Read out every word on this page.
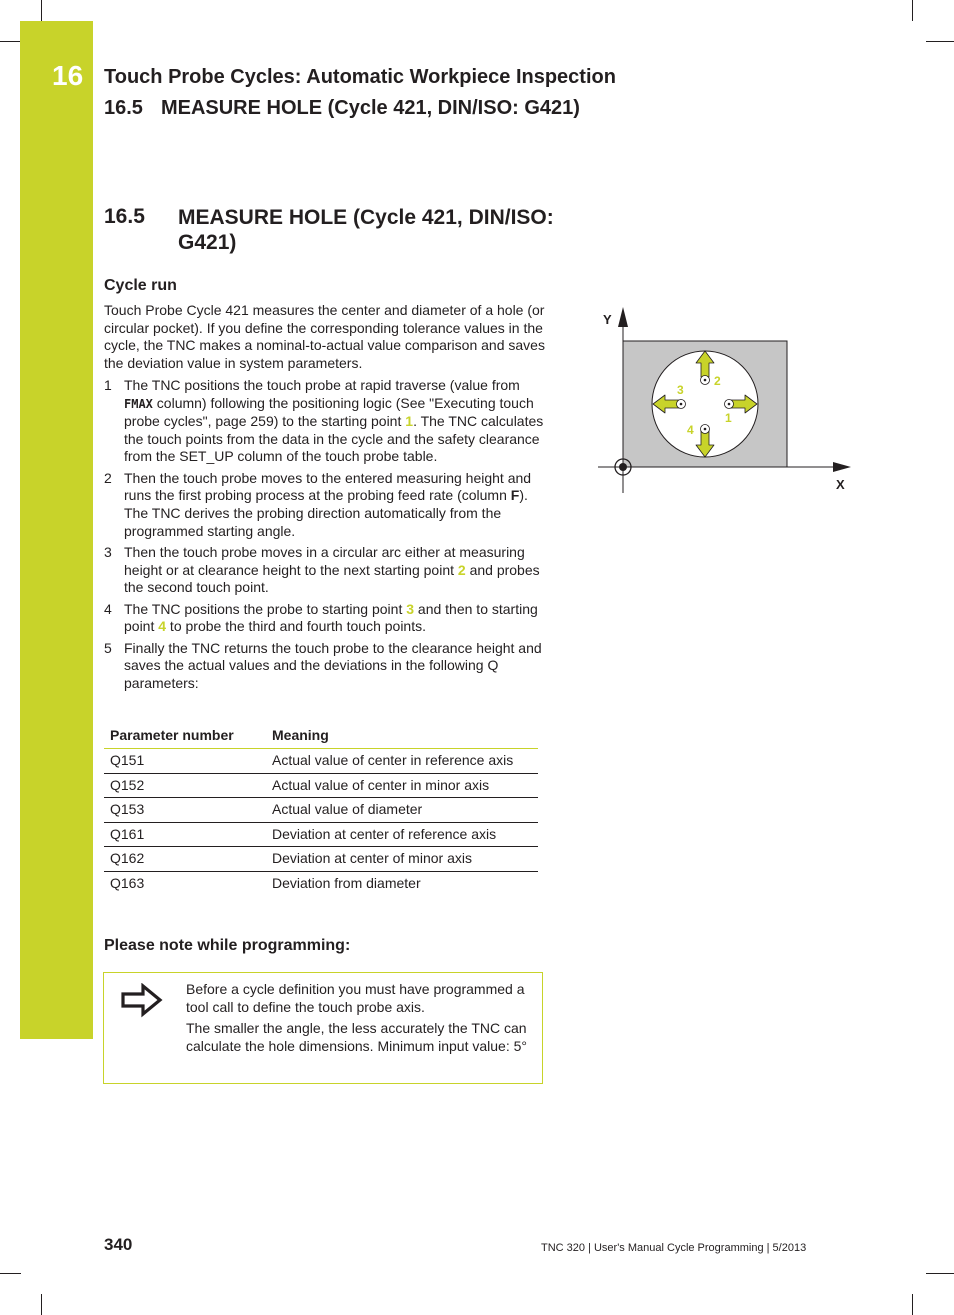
16 Touch Probe Cycles: Automatic Workpiece Inspection
16.5 MEASURE HOLE (Cycle 421, DIN/ISO: G421)
16.5 MEASURE HOLE (Cycle 421, DIN/ISO: G421)
Cycle run

Touch Probe Cycle 421 measures the center and diameter of a hole (or circular pocket). If you define the corresponding tolerance values in the cycle, the TNC makes a nominal-to-actual value comparison and saves the deviation value in system parameters.

1 The TNC positions the touch probe at rapid traverse (value from FMAX column) following the positioning logic (See "Executing touch probe cycles", page 259) to the starting point 1. The TNC calculates the touch points from the data in the cycle and the safety clearance from the SET_UP column of the touch probe table.
2 Then the touch probe moves to the entered measuring height and runs the first probing process at the probing feed rate (column F). The TNC derives the probing direction automatically from the programmed starting angle.
3 Then the touch probe moves in a circular arc either at measuring height or at clearance height to the next starting point 2 and probes the second touch point.
4 The TNC positions the probe to starting point 3 and then to starting point 4 to probe the third and fourth touch points.
5 Finally the TNC returns the touch probe to the clearance height and saves the actual values and the deviations in the following Q parameters:
Parameter number	Meaning
Q151	Actual value of center in reference axis
Q152	Actual value of center in minor axis
Q153	Actual value of diameter
Q161	Deviation at center of reference axis
Q162	Deviation at center of minor axis
Q163	Deviation from diameter
Please note while programming:

Before a cycle definition you must have programmed a tool call to define the touch probe axis.

The smaller the angle, the less accurately the TNC can calculate the hole dimensions. Minimum input value: 5°

Y
X
1
2
3
4
340	TNC 320 | User's Manual Cycle Programming | 5/2013
